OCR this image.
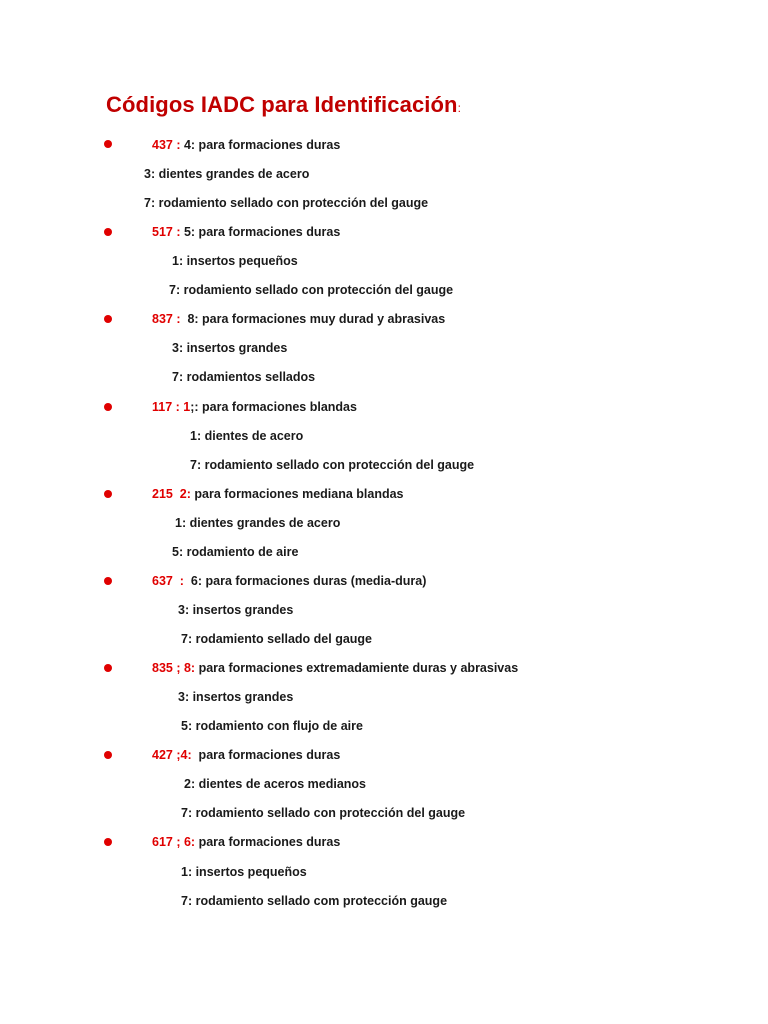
Códigos IADC para Identificación:
437 : 4: para formaciones duras
3: dientes grandes de acero
7: rodamiento sellado con protección del gauge
517 : 5: para formaciones duras
1: insertos pequeños
7: rodamiento sellado con protección del gauge
837 :  8: para formaciones muy durad y abrasivas
3: insertos grandes
7: rodamientos sellados
117 : 1;: para formaciones blandas
1: dientes de acero
7: rodamiento sellado con protección del gauge
215  2: para formaciones mediana blandas
1: dientes grandes de acero
5: rodamiento de aire
637  :  6: para formaciones duras (media-dura)
3: insertos grandes
7: rodamiento sellado del gauge
835 ; 8: para formaciones extremadamiente duras y abrasivas
3: insertos grandes
5: rodamiento con flujo de aire
427 ;4:  para formaciones duras
2: dientes de aceros medianos
7: rodamiento sellado con protección del gauge
617 ; 6: para formaciones duras
1: insertos pequeños
7: rodamiento sellado com protección gauge
